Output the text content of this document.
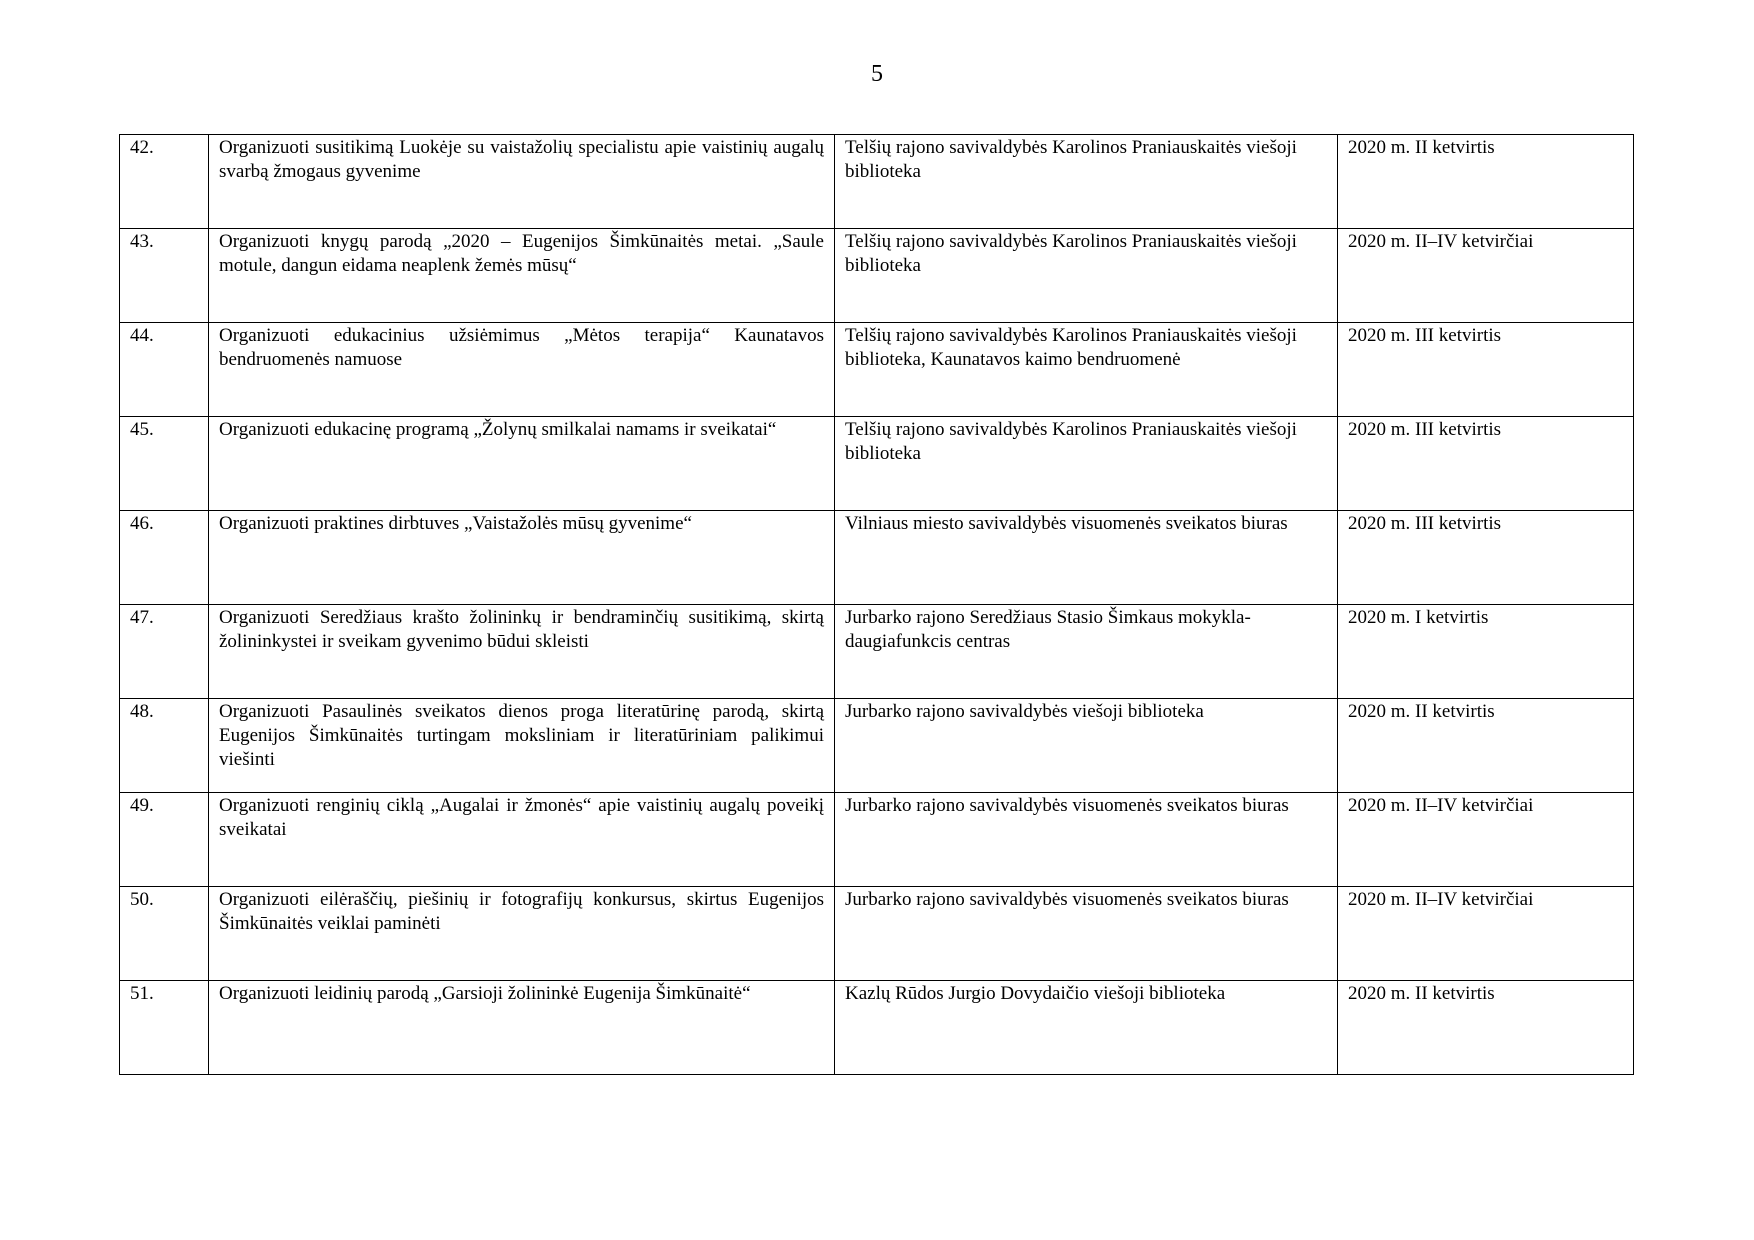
5
42.	Organizuoti susitikimą Luokėje su vaistažolių specialistu apie vaistinių augalų svarbą žmogaus gyvenime	Telšių rajono savivaldybės Karolinos Praniauskaitės viešoji biblioteka	2020 m. II ketvirtis
43.	Organizuoti knygų parodą „2020 – Eugenijos Šimkūnaitės metai. „Saule motule, dangun eidama neaplenk žemės mūsų“	Telšių rajono savivaldybės Karolinos Praniauskaitės viešoji biblioteka	2020 m. II–IV ketvirčiai
44.	Organizuoti edukacinius užsiėmimus „Mėtos terapija“ Kaunatavos bendruomenės namuose	Telšių rajono savivaldybės Karolinos Praniauskaitės viešoji biblioteka, Kaunatavos kaimo bendruomenė	2020 m. III ketvirtis
45.	Organizuoti edukacinę programą „Žolynų smilkalai namams ir sveikatai“	Telšių rajono savivaldybės Karolinos Praniauskaitės viešoji biblioteka	2020 m. III ketvirtis
46.	Organizuoti praktines dirbtuves „Vaistažolės mūsų gyvenime“	Vilniaus miesto savivaldybės visuomenės sveikatos biuras	2020 m. III ketvirtis
47.	Organizuoti Seredžiaus krašto žolininkų ir bendraminčių susitikimą, skirtą žolininkystei ir sveikam gyvenimo būdui skleisti	Jurbarko rajono Seredžiaus Stasio Šimkaus mokykla-daugiafunkcis centras	2020 m. I ketvirtis
48.	Organizuoti Pasaulinės sveikatos dienos proga literatūrinę parodą, skirtą Eugenijos Šimkūnaitės turtingam moksliniam ir literatūriniam palikimui viešinti	Jurbarko rajono savivaldybės viešoji biblioteka	2020 m. II ketvirtis
49.	Organizuoti renginių ciklą „Augalai ir žmonės“ apie vaistinių augalų poveikį sveikatai	Jurbarko rajono savivaldybės visuomenės sveikatos biuras	2020 m. II–IV ketvirčiai
50.	Organizuoti eilėraščių, piešinių ir fotografijų konkursus, skirtus Eugenijos Šimkūnaitės veiklai paminėti	Jurbarko rajono savivaldybės visuomenės sveikatos biuras	2020 m. II–IV ketvirčiai
51.	Organizuoti leidinių parodą „Garsioji žolininkė Eugenija Šimkūnaitė“	Kazlų Rūdos Jurgio Dovydaičio viešoji biblioteka	2020 m. II ketvirtis
